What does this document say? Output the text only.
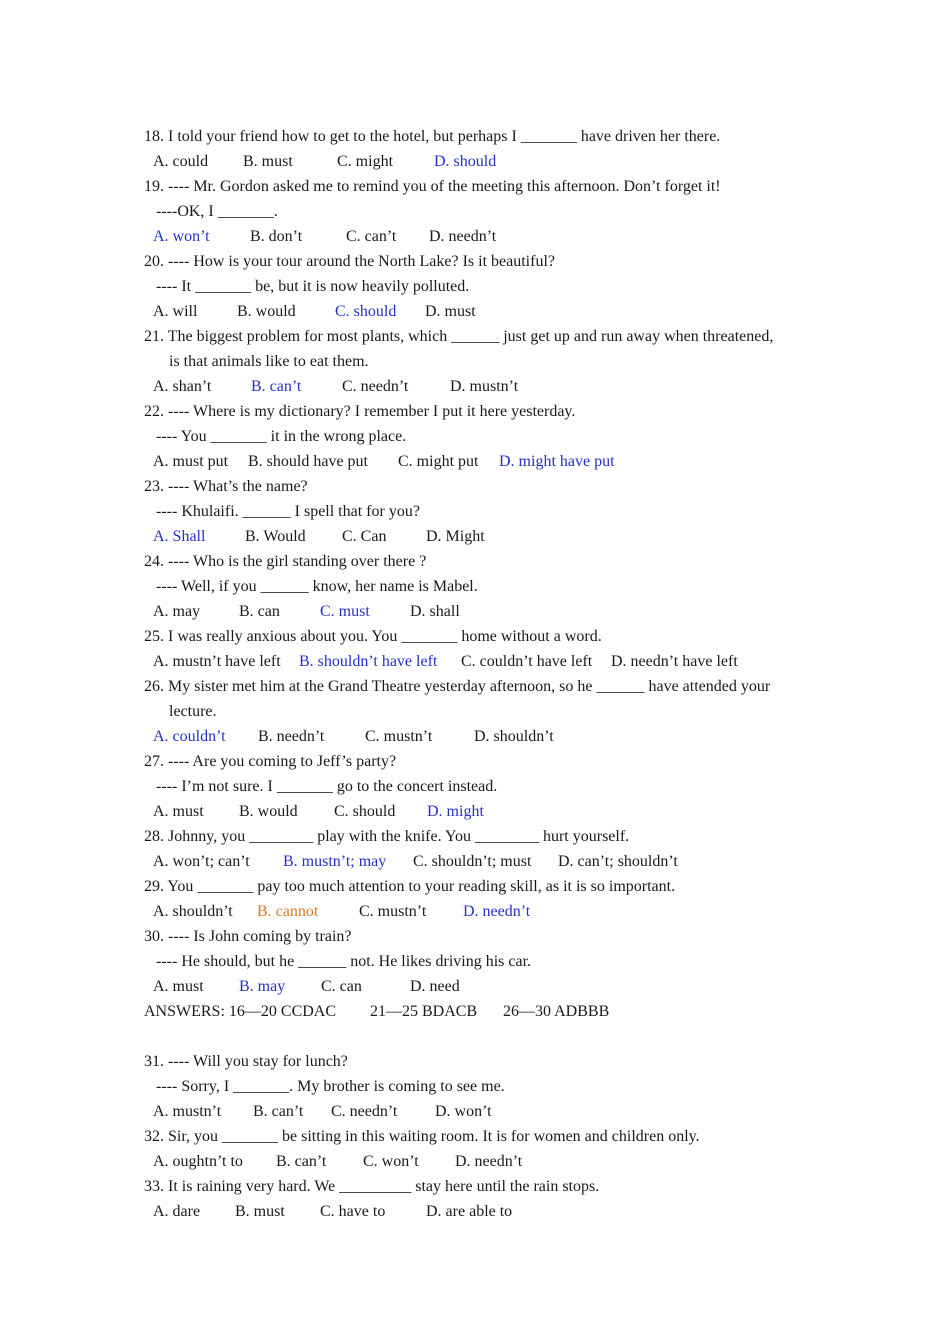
18. I told your friend how to get to the hotel, but perhaps I _______ have driven her there.
A. could B. must	C. might	D. should
19. ---- Mr. Gordon asked me to remind you of the meeting this afternoon. Don’t forget it!
----OK, I _______.
A. won’t	B. don’t	C. can’t D. needn’t
20. ---- How is your tour around the North Lake? Is it beautiful?
---- It _______ be, but it is now heavily polluted.
A. will B. would C. should D. must
21. The biggest problem for most plants, which ______ just get up and run away when threatened,
is that animals like to eat them.
A. shan’t B. can’t	C. needn’t	D. mustn’t
22. ---- Where is my dictionary? I remember I put it here yesterday.
---- You _______ it in the wrong place.
A. must put B. should have put C. might put D. might have put
23. ---- What’s the name?
---- Khulaifi. ______ I spell that for you?
A. Shall B. Would C. Can D. Might
24. ---- Who is the girl standing over there ?
---- Well, if you ______ know, her name is Mabel.
A. may B. can	C. must	D. shall
25. I was really anxious about you. You _______ home without a word.
A. mustn’t have left B. shouldn’t have left C. couldn’t have left D. needn’t have left
26. My sister met him at the Grand Theatre yesterday afternoon, so he ______ have attended your
lecture.
A. couldn’t B. needn’t	C. mustn’t	D. shouldn’t
27. ---- Are you coming to Jeff’s party?
---- I’m not sure. I _______ go to the concert instead.
A. must B. would C. should D. might
28. Johnny, you ________ play with the knife. You ________ hurt yourself.
A. won’t; can’t B. mustn’t; may C. shouldn’t; must D. can’t; shouldn’t
29. You _______ pay too much attention to your reading skill, as it is so important.
A. shouldn’t B. cannot	C. mustn’t D. needn’t
30. ---- Is John coming by train?
---- He should, but he ______ not. He likes driving his car.
A. must B. may C. can	D. need
ANSWERS: 16—20 CCDAC 21—25 BDACB 26—30 ADBBB
31. ---- Will you stay for lunch?
---- Sorry, I _______. My brother is coming to see me.
A. mustn’t B. can’t C. needn’t D. won’t
32. Sir, you _______ be sitting in this waiting room. It is for women and children only.
A. oughtn’t to B. can’t C. won’t D. needn’t
33. It is raining very hard. We _________ stay here until the rain stops.
A. dare B. must C. have to	D. are able to
